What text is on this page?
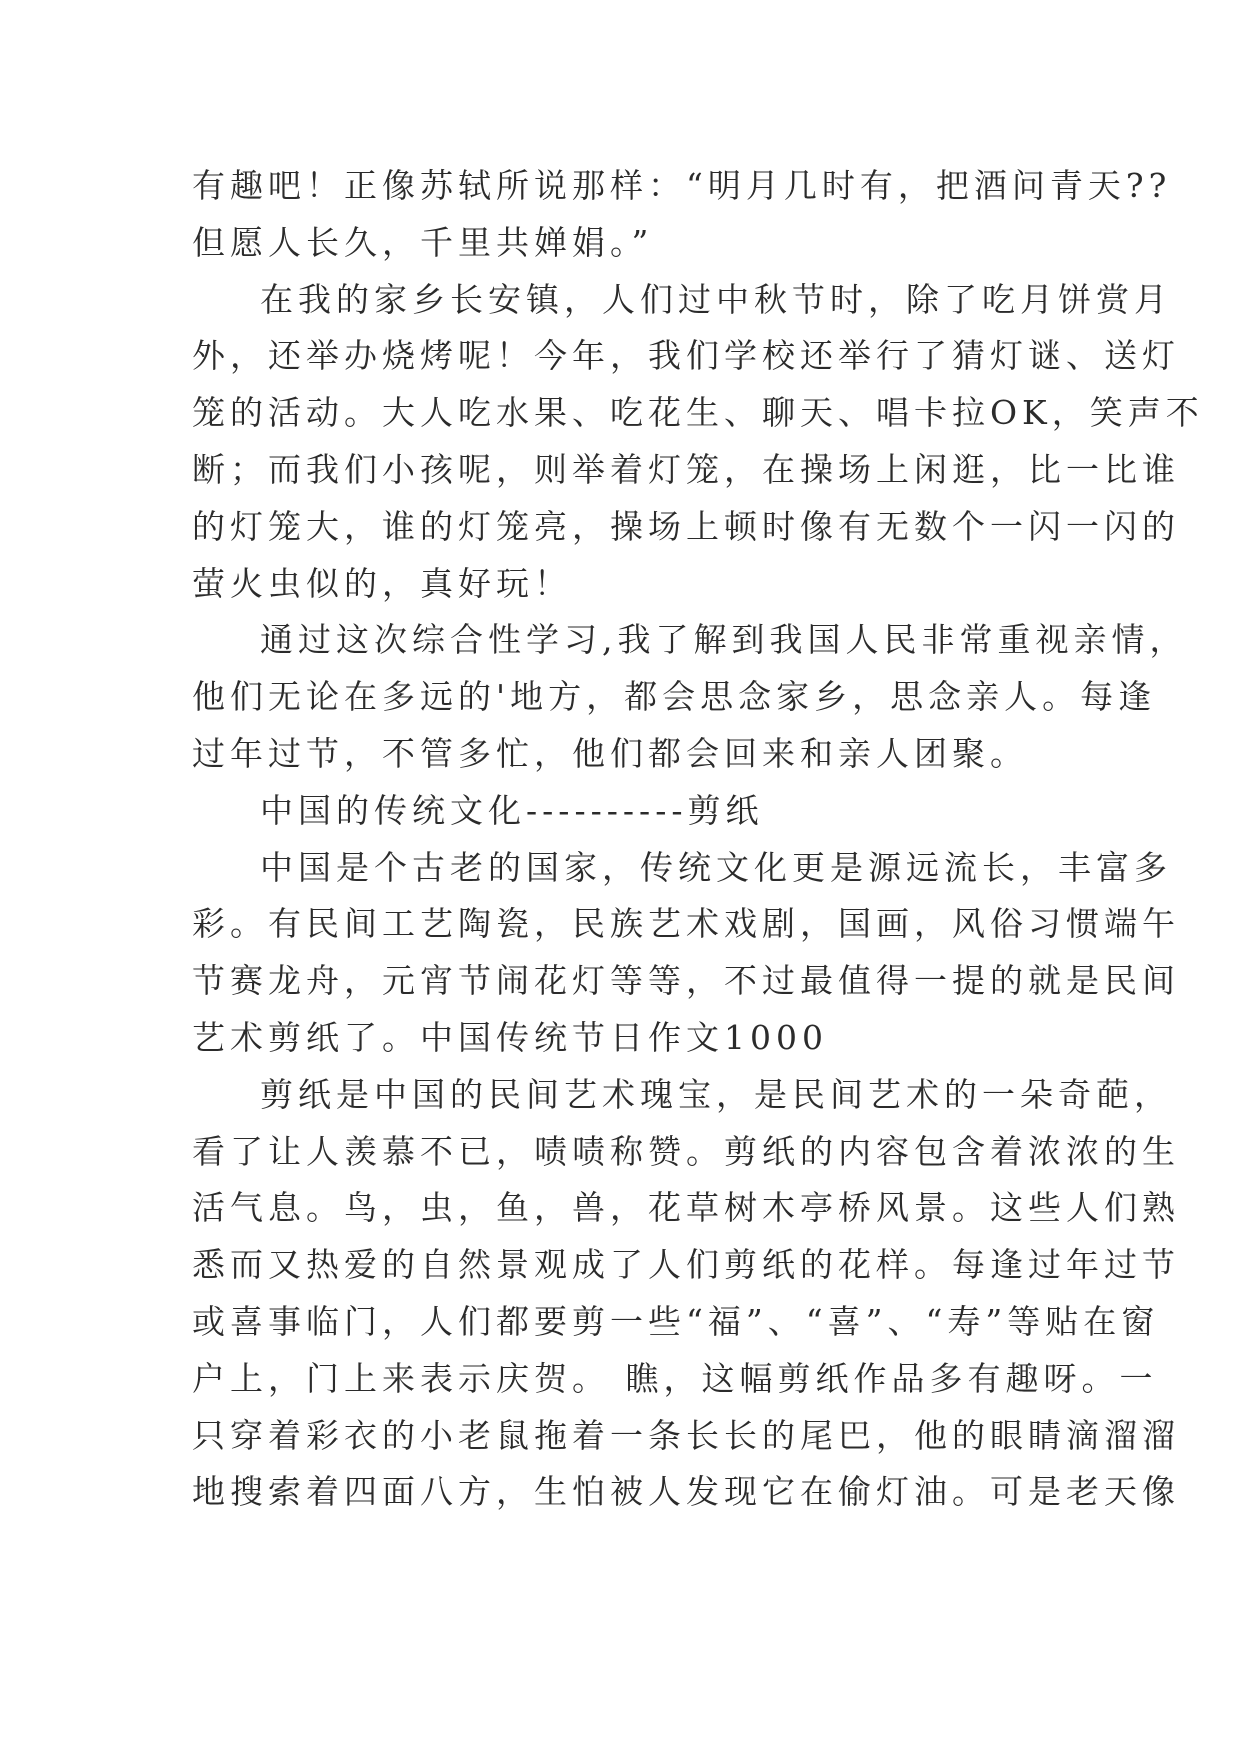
有趣吧！正像苏轼所说那样：“明月几时有，把酒问青天??
但愿人长久，千里共婵娟。”
在我的家乡长安镇，人们过中秋节时，除了吃月饼赏月
外，还举办烧烤呢！今年，我们学校还举行了猜灯谜、送灯
笼的活动。大人吃水果、吃花生、聊天、唱卡拉OK，笑声不
断；而我们小孩呢，则举着灯笼，在操场上闲逛，比一比谁
的灯笼大，谁的灯笼亮，操场上顿时像有无数个一闪一闪的
萤火虫似的，真好玩！
通过这次综合性学习,我了解到我国人民非常重视亲情，
他们无论在多远的'地方，都会思念家乡，思念亲人。每逢
过年过节，不管多忙，他们都会回来和亲人团聚。
中国的传统文化----------剪纸
中国是个古老的国家，传统文化更是源远流长，丰富多
彩。有民间工艺陶瓷，民族艺术戏剧，国画，风俗习惯端午
节赛龙舟，元宵节闹花灯等等，不过最值得一提的就是民间
艺术剪纸了。中国传统节日作文1000
剪纸是中国的民间艺术瑰宝，是民间艺术的一朵奇葩，
看了让人羡慕不已，啧啧称赞。剪纸的内容包含着浓浓的生
活气息。鸟，虫，鱼，兽，花草树木亭桥风景。这些人们熟
悉而又热爱的自然景观成了人们剪纸的花样。每逢过年过节
或喜事临门，人们都要剪一些“福”、“喜”、“寿”等贴在窗
户上，门上来表示庆贺。 瞧，这幅剪纸作品多有趣呀。一
只穿着彩衣的小老鼠拖着一条长长的尾巴，他的眼睛滴溜溜
地搜索着四面八方，生怕被人发现它在偷灯油。可是老天像
